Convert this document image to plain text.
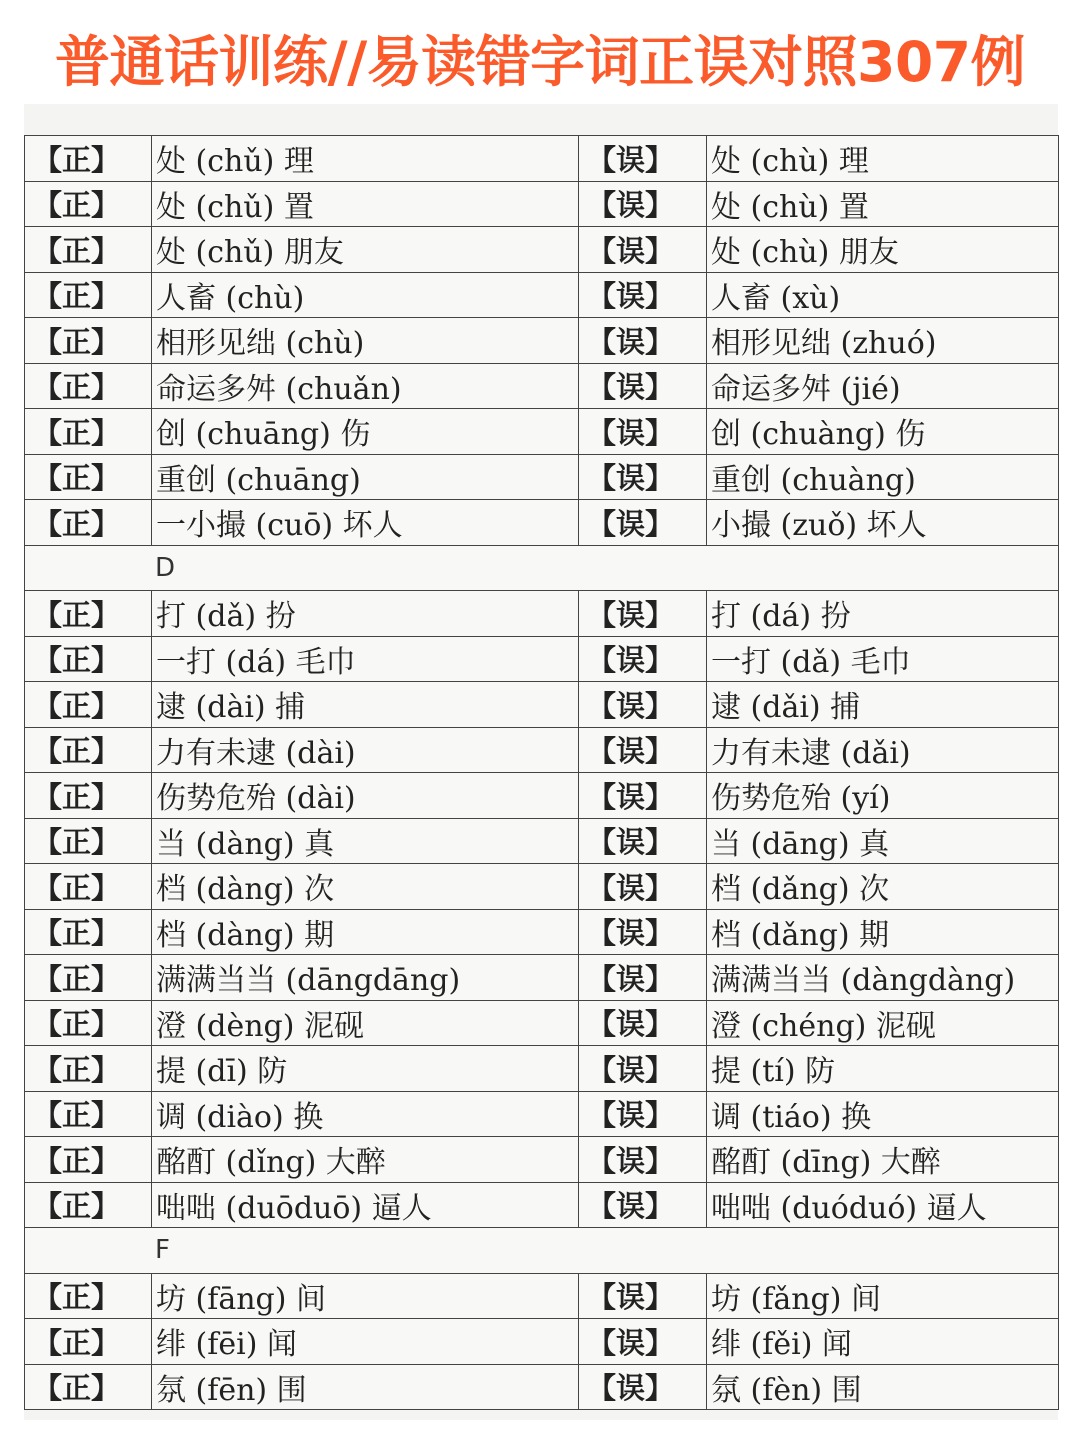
普通话训练//易读错字词正误对照307例
【正】	处 (chǔ) 理	【误】	处 (chù) 理
【正】	处 (chǔ) 置	【误】	处 (chù) 置
【正】	处 (chǔ) 朋友	【误】	处 (chù) 朋友
【正】	人畜 (chù)	【误】	人畜 (xù)
【正】	相形见绌 (chù)	【误】	相形见绌 (zhuó)
【正】	命运多舛 (chuǎn)	【误】	命运多舛 (jié)
【正】	创 (chuāng) 伤	【误】	创 (chuàng) 伤
【正】	重创 (chuāng)	【误】	重创 (chuàng)
【正】	一小撮 (cuō) 坏人	【误】	小撮 (zuǒ) 坏人
D			
【正】	打 (dǎ) 扮	【误】	打 (dá) 扮
【正】	一打 (dá) 毛巾	【误】	一打 (dǎ) 毛巾
【正】	逮 (dài) 捕	【误】	逮 (dǎi) 捕
【正】	力有未逮 (dài)	【误】	力有未逮 (dǎi)
【正】	伤势危殆 (dài)	【误】	伤势危殆 (yí)
【正】	当 (dàng) 真	【误】	当 (dāng) 真
【正】	档 (dàng) 次	【误】	档 (dǎng) 次
【正】	档 (dàng) 期	【误】	档 (dǎng) 期
【正】	满满当当 (dāngdāng)	【误】	满满当当 (dàngdàng)
【正】	澄 (dèng) 泥砚	【误】	澄 (chéng) 泥砚
【正】	提 (dī) 防	【误】	提 (tí) 防
【正】	调 (diào) 换	【误】	调 (tiáo) 换
【正】	酩酊 (dǐng) 大醉	【误】	酩酊 (dīng) 大醉
【正】	咄咄 (duōduō) 逼人	【误】	咄咄 (duóduó) 逼人
F			
【正】	坊 (fāng) 间	【误】	坊 (fǎng) 间
【正】	绯 (fēi) 闻	【误】	绯 (fěi) 闻
【正】	氛 (fēn) 围	【误】	氛 (fèn) 围
